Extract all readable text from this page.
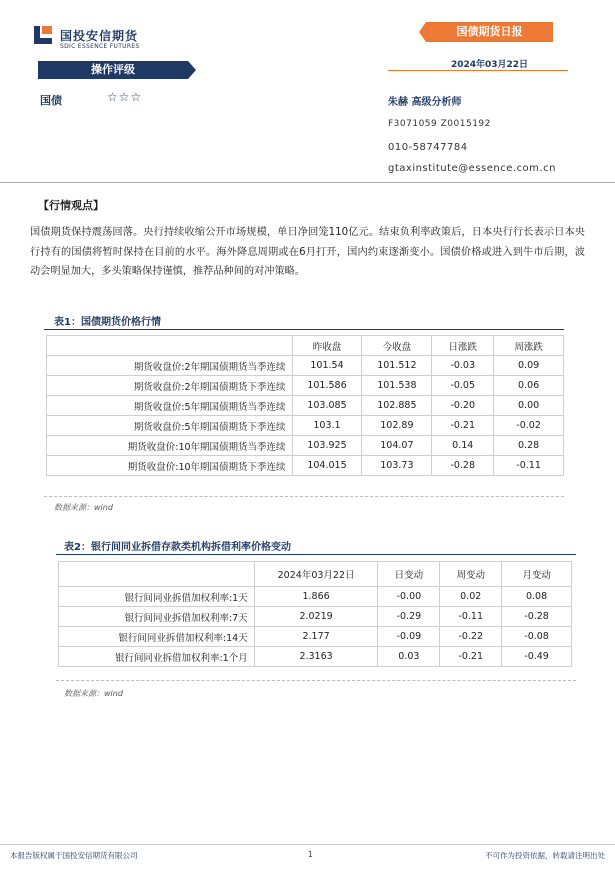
国投安信期货
SDIC ESSENCE FUTURES
国债期货日报
2024年03月22日
操作评级
国债	☆☆☆	朱赫 高级分析师
F3071059 Z0015192
010-58747784
gtaxinstitute@essence.com.cn
【行情观点】
国债期货保持震荡回落。央行持续收缩公开市场规模，单日净回笼110亿元。结束负利率政策后，日本央行行长表示日本央行持有的国债将暂时保持在目前的水平。海外降息周期或在6月打开，国内约束逐渐变小。国债价格或进入到牛市后期，波动会明显加大，多头策略保持谨慎，推荐品种间的对冲策略。
表1：国债期货价格行情
	昨收盘	今收盘	日涨跌	周涨跌
期货收盘价:2年期国债期货当季连续	101.54	101.512	-0.03	0.09
期货收盘价:2年期国债期货下季连续	101.586	101.538	-0.05	0.06
期货收盘价:5年期国债期货当季连续	103.085	102.885	-0.20	0.00
期货收盘价:5年期国债期货下季连续	103.1	102.89	-0.21	-0.02
期货收盘价:10年期国债期货当季连续	103.925	104.07	0.14	0.28
期货收盘价:10年期国债期货下季连续	104.015	103.73	-0.28	-0.11
数据来源：wind
表2：银行间同业拆借存款类机构拆借利率价格变动
	2024年03月22日	日变动	周变动	月变动
银行间同业拆借加权利率:1天	1.866	-0.00	0.02	0.08
银行间同业拆借加权利率:7天	2.0219	-0.29	-0.11	-0.28
银行间同业拆借加权利率:14天	2.177	-0.09	-0.22	-0.08
银行间同业拆借加权利率:1个月	2.3163	0.03	-0.21	-0.49
数据来源：wind
本报告版权属于国投安信期货有限公司	1	不可作为投资依据，转载请注明出处
